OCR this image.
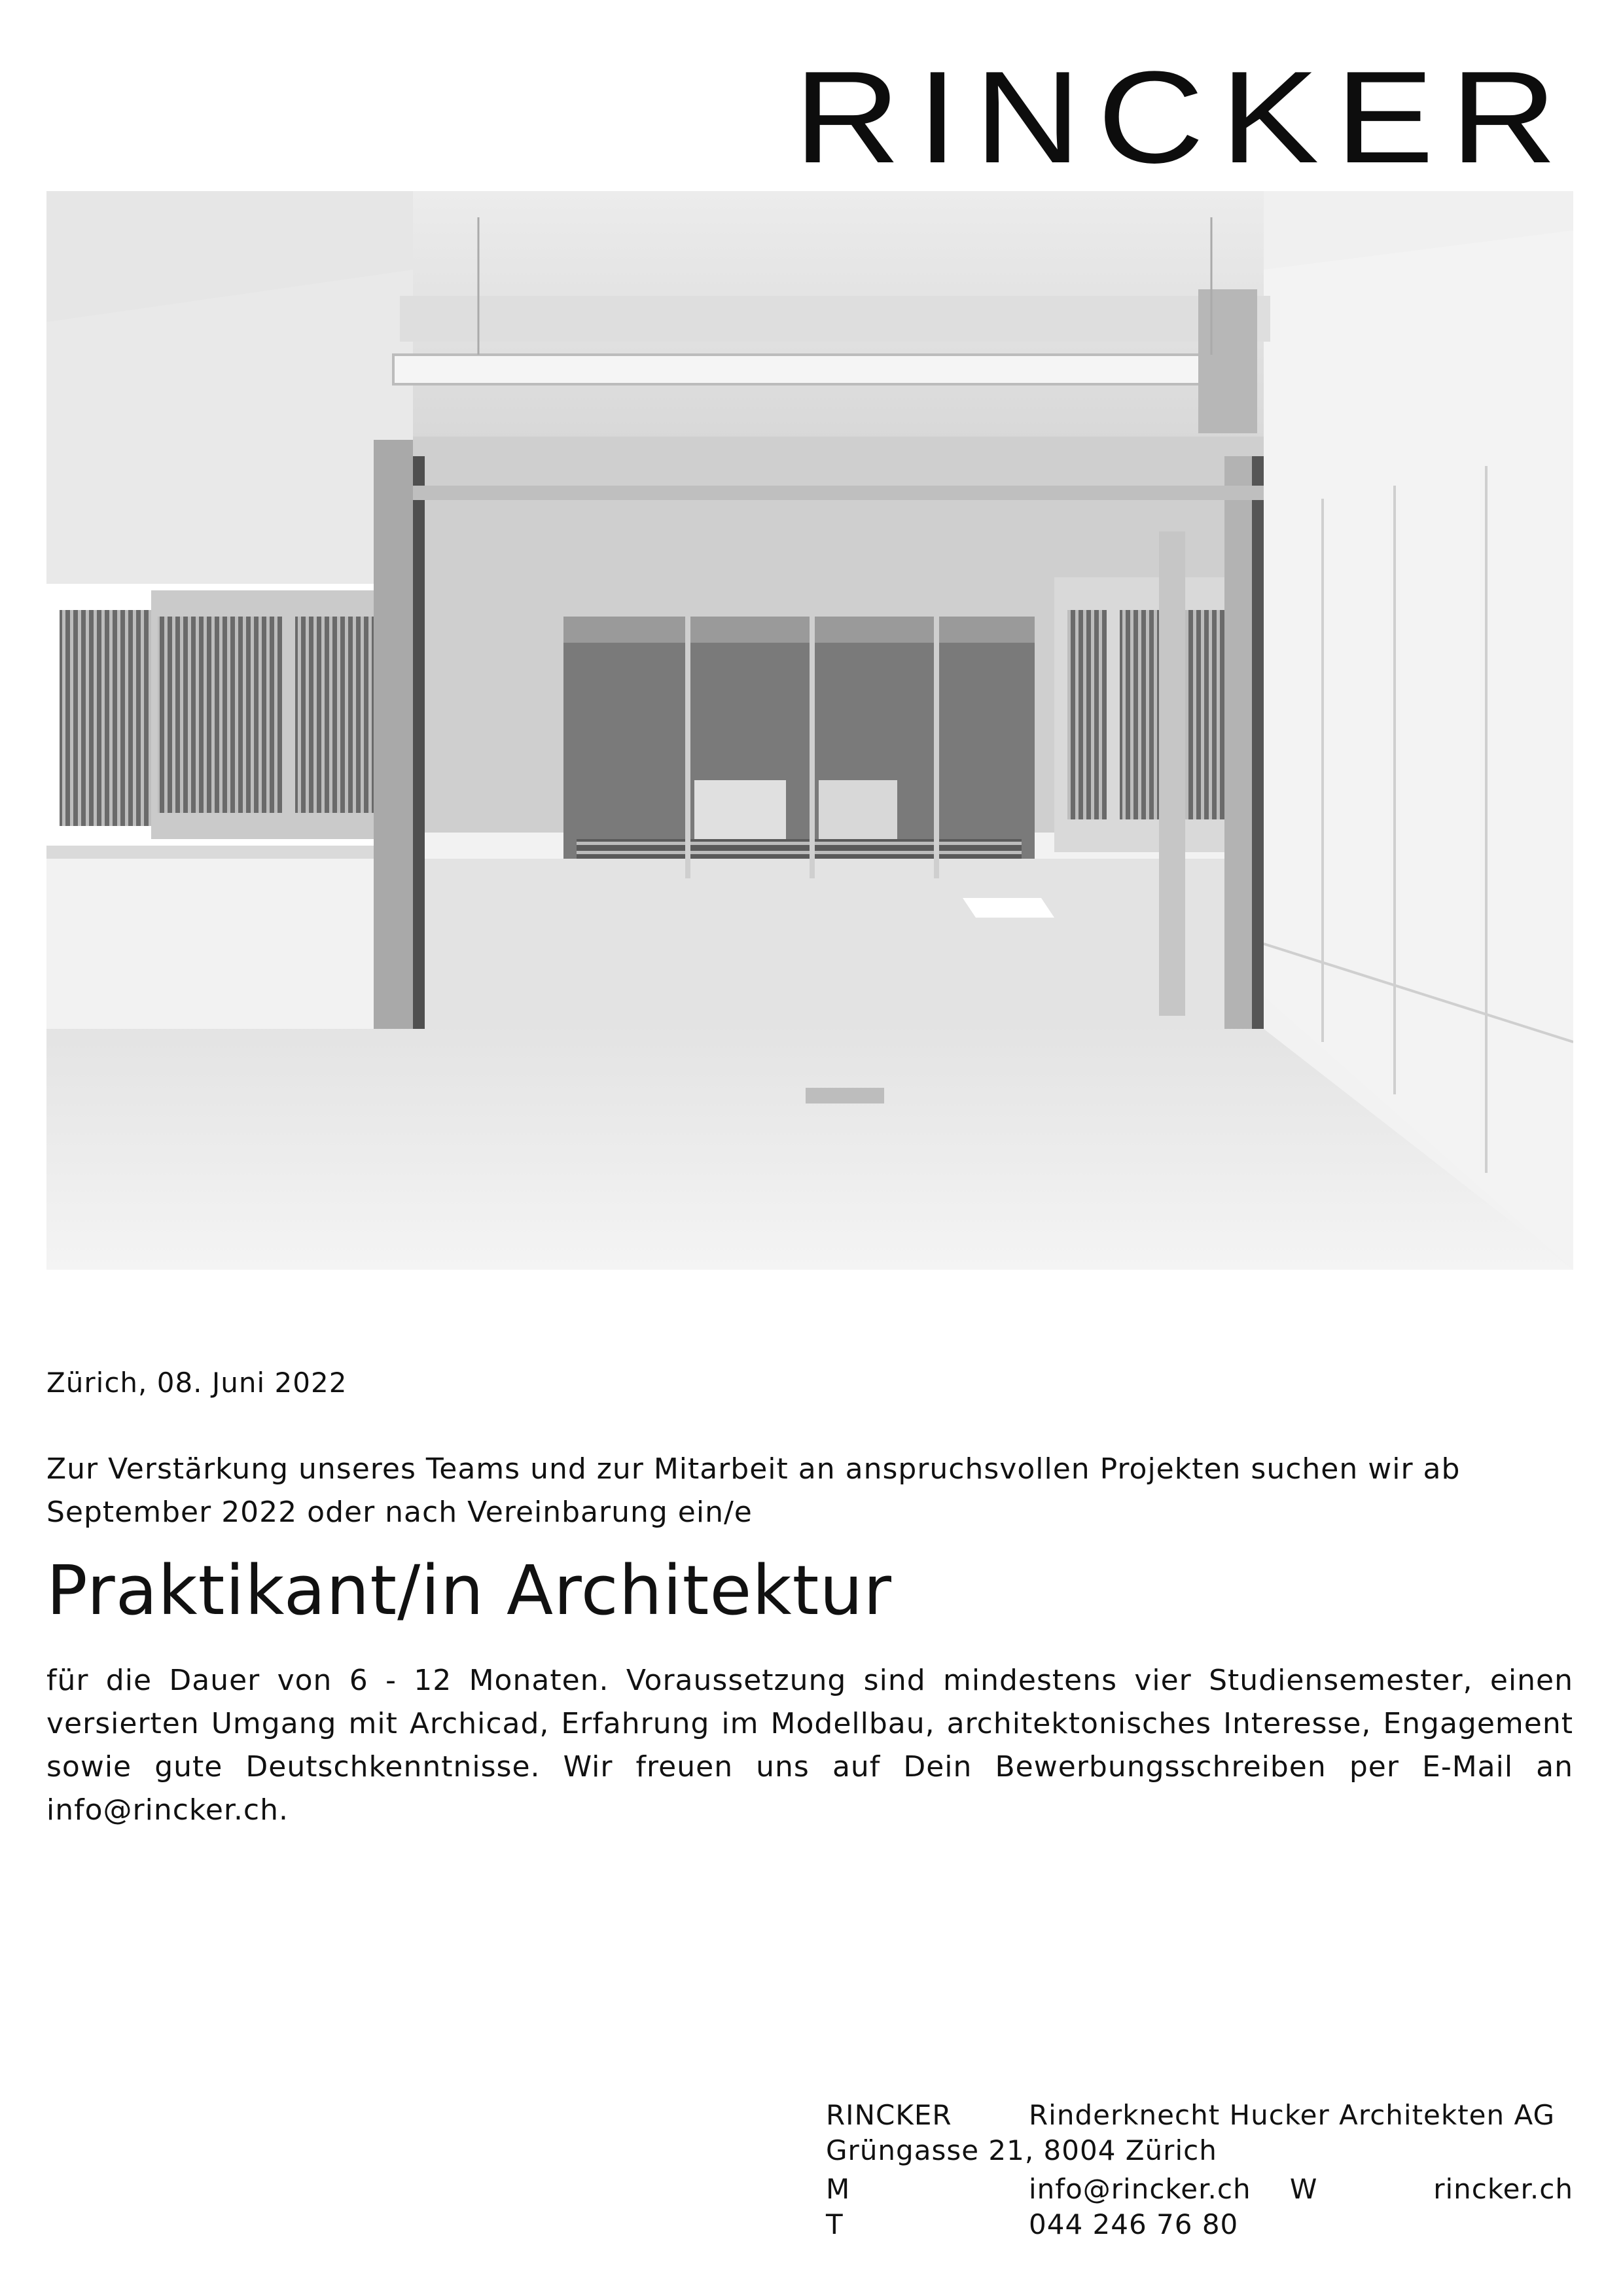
RINCKER
Zürich, 08. Juni 2022
Zur Verstärkung unseres Teams und zur Mitarbeit an anspruchsvollen Projekten suchen wir ab September 2022 oder nach Vereinbarung ein/e
Praktikant/in Architektur
für die Dauer von 6 - 12 Monaten. Voraussetzung sind mindestens vier Studiensemester, einen versierten Umgang mit Archicad, Erfahrung im Modellbau, architektonisches Interesse, Engagement sowie gute Deutschkenntnisse. Wir freuen uns auf Dein Bewerbungsschreiben per E-Mail an info@rincker.ch.
RINCKER	Rinderknecht Hucker Architekten AG
Grüngasse 21, 8004 Zürich
M	info@rincker.ch W	rincker.ch
T	044 246 76 80
